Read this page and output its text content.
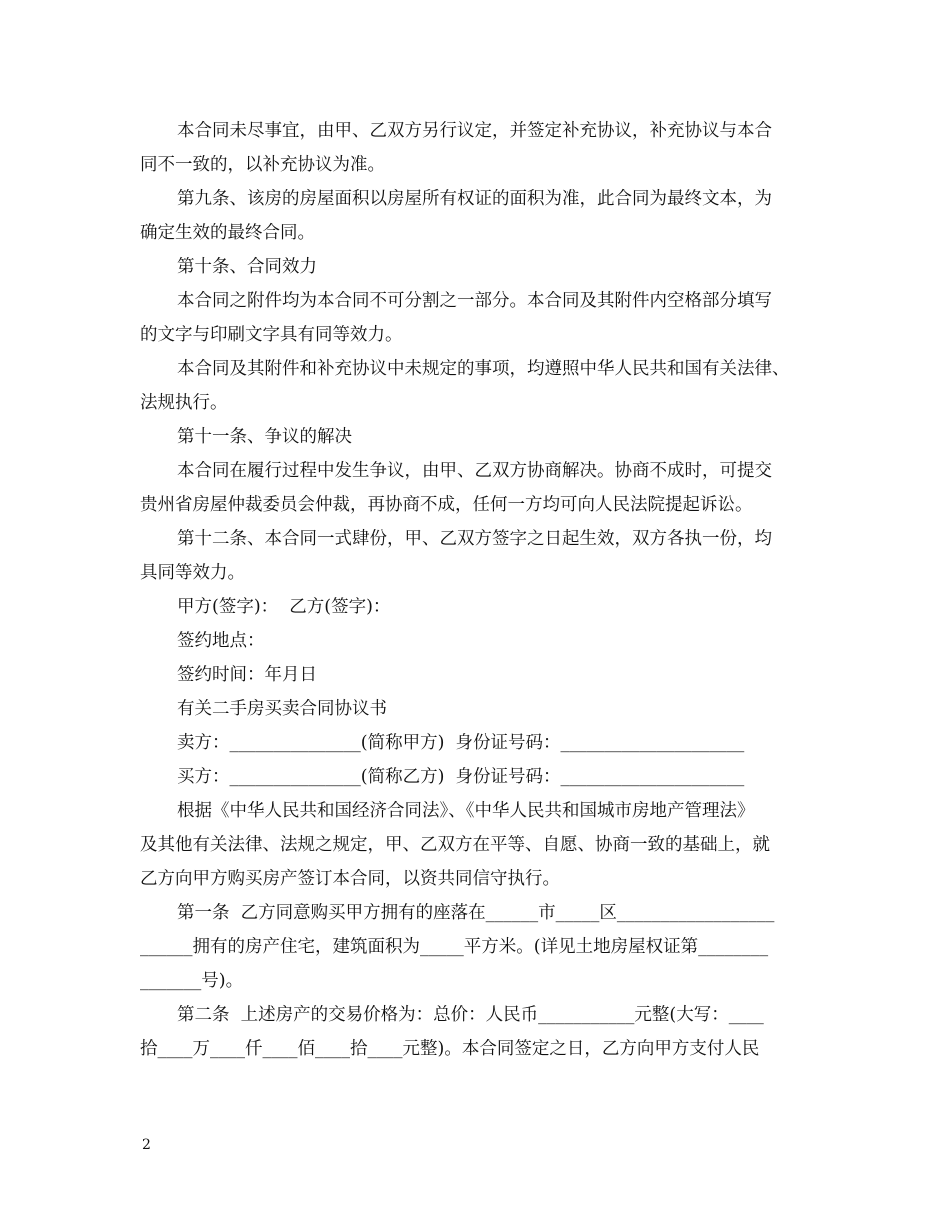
本合同未尽事宜，由甲、乙双方另行议定，并签定补充协议，补充协议与本合
同不一致的，以补充协议为准。
第九条、该房的房屋面积以房屋所有权证的面积为准，此合同为最终文本，为
确定生效的最终合同。
第十条、合同效力
本合同之附件均为本合同不可分割之一部分。本合同及其附件内空格部分填写
的文字与印刷文字具有同等效力。
本合同及其附件和补充协议中未规定的事项，均遵照中华人民共和国有关法律、
法规执行。
第十一条、争议的解决
本合同在履行过程中发生争议，由甲、乙双方协商解决。协商不成时，可提交
贵州省房屋仲裁委员会仲裁，再协商不成，任何一方均可向人民法院提起诉讼。
第十二条、本合同一式肆份，甲、乙双方签字之日起生效，双方各执一份，均
具同等效力。
甲方(签字)：  乙方(签字)：
签约地点：
签约时间：年月日
有关二手房买卖合同协议书
卖方：_______________(简称甲方)  身份证号码：_____________________
买方：_______________(简称乙方)  身份证号码：_____________________
根据《中华人民共和国经济合同法》、《中华人民共和国城市房地产管理法》
及其他有关法律、法规之规定，甲、乙双方在平等、自愿、协商一致的基础上，就
乙方向甲方购买房产签订本合同，以资共同信守执行。
第一条  乙方同意购买甲方拥有的座落在______市_____区__________________
______拥有的房产住宅，建筑面积为_____平方米。(详见土地房屋权证第________
_______号)。
第二条  上述房产的交易价格为：总价：人民币___________元整(大写：____
拾____万____仟____佰____拾____元整)。本合同签定之日，乙方向甲方支付人民
2
